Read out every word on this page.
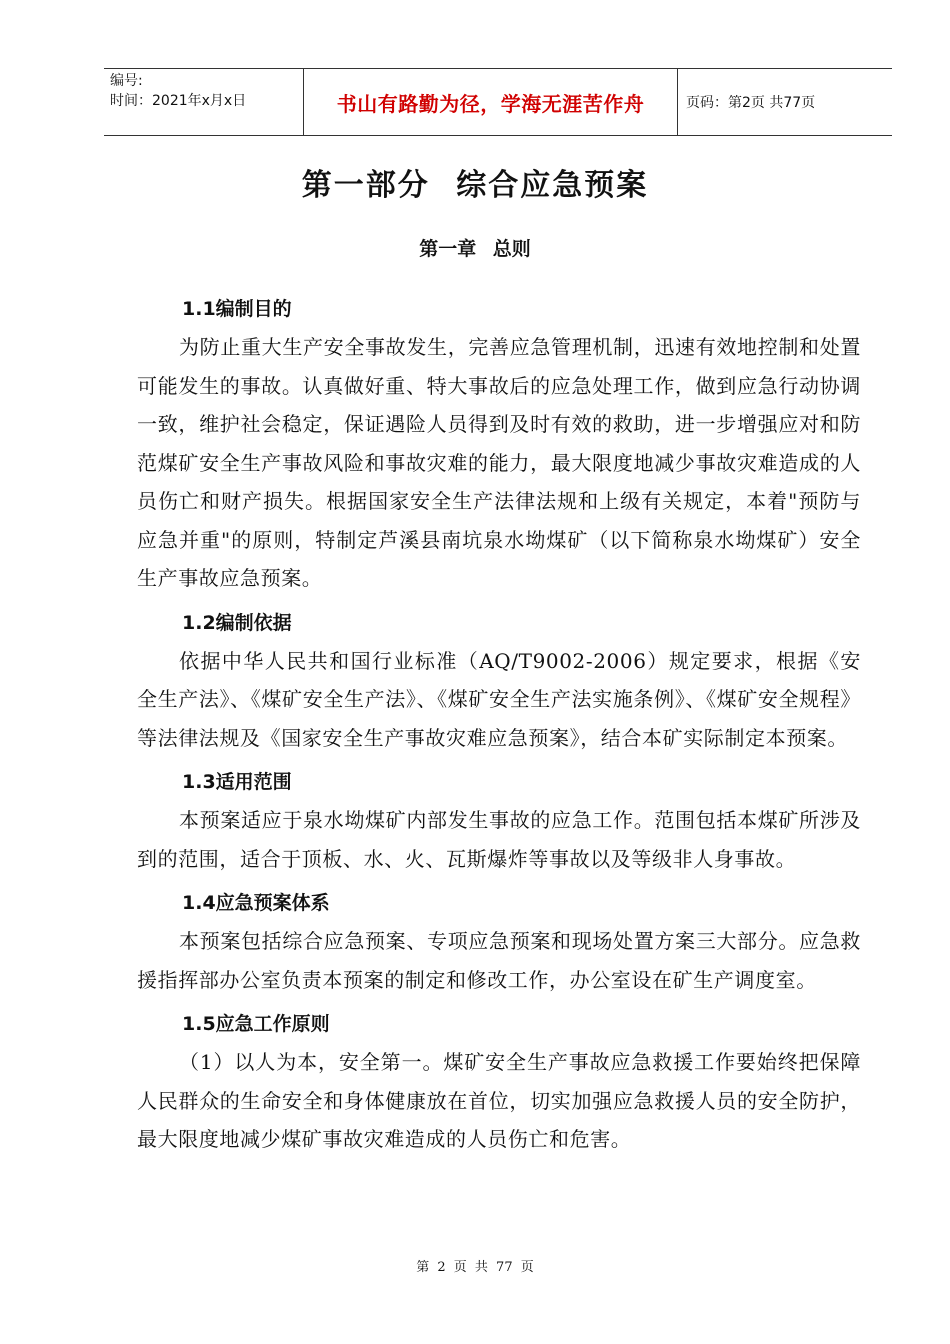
编号:
时间：2021年x月x日	书山有路勤为径，学海无涯苦作舟	页码：第2页 共77页
第一部分 综合应急预案
第一章 总则
1.1编制目的

为防止重大生产安全事故发生，完善应急管理机制，迅速有效地控制和处置可能发生的事故。认真做好重、特大事故后的应急处理工作，做到应急行动协调一致，维护社会稳定，保证遇险人员得到及时有效的救助，进一步增强应对和防范煤矿安全生产事故风险和事故灾难的能力，最大限度地减少事故灾难造成的人员伤亡和财产损失。根据国家安全生产法律法规和上级有关规定，本着"预防与应急并重"的原则，特制定芦溪县南坑泉水坳煤矿（以下简称泉水坳煤矿）安全生产事故应急预案。

1.2编制依据

依据中华人民共和国行业标准（AQ/T9002-2006）规定要求，根据《安全生产法》、《煤矿安全生产法》、《煤矿安全生产法实施条例》、《煤矿安全规程》等法律法规及《国家安全生产事故灾难应急预案》，结合本矿实际制定本预案。

1.3适用范围

本预案适应于泉水坳煤矿内部发生事故的应急工作。范围包括本煤矿所涉及到的范围，适合于顶板、水、火、瓦斯爆炸等事故以及等级非人身事故。

1.4应急预案体系

本预案包括综合应急预案、专项应急预案和现场处置方案三大部分。应急救援指挥部办公室负责本预案的制定和修改工作，办公室设在矿生产调度室。

1.5应急工作原则

（1）以人为本，安全第一。煤矿安全生产事故应急救援工作要始终把保障人民群众的生命安全和身体健康放在首位，切实加强应急救援人员的安全防护，最大限度地减少煤矿事故灾难造成的人员伤亡和危害。

第 2 页 共 77 页
